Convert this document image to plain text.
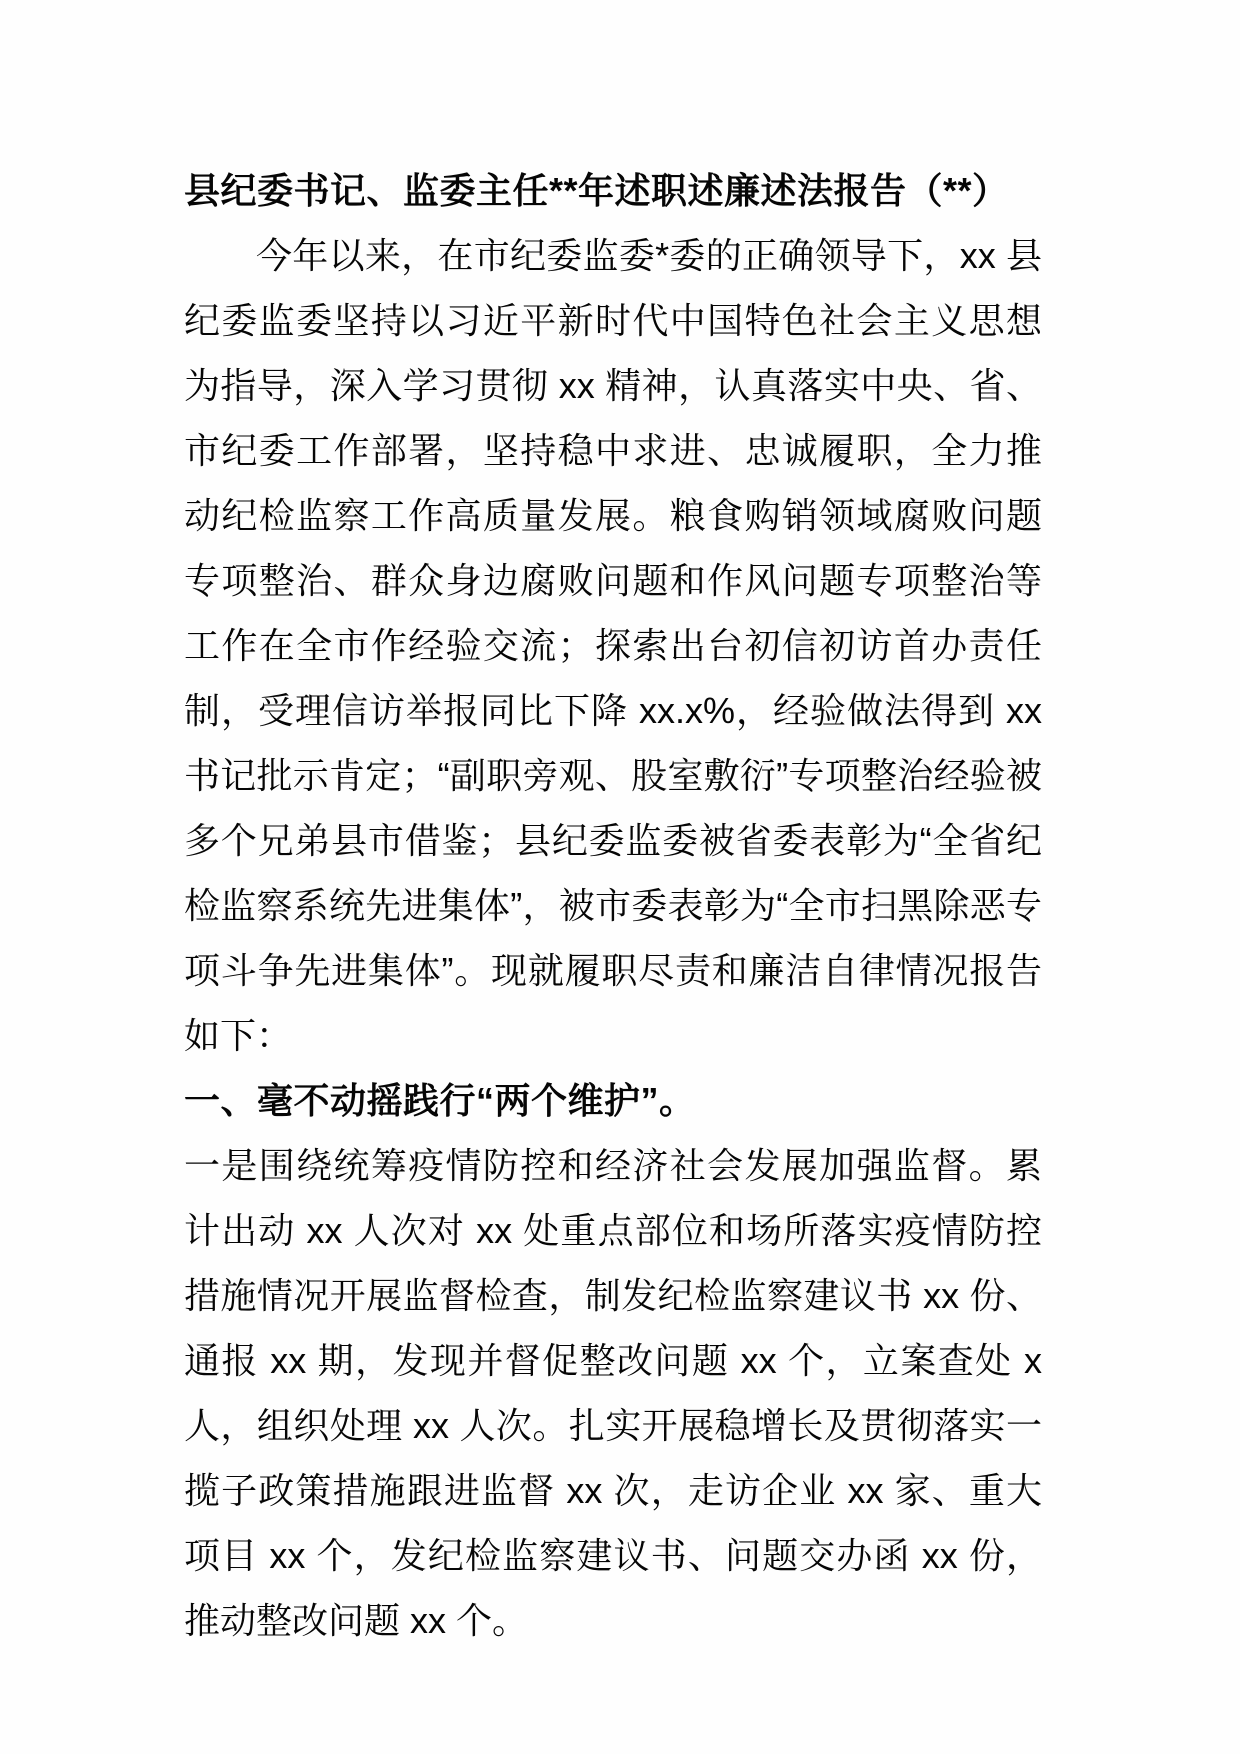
县纪委书记、监委主任**年述职述廉述法报告（**）

今年以来，在市纪委监委*委的正确领导下，xx 县纪委监委坚持以习近平新时代中国特色社会主义思想为指导，深入学习贯彻 xx 精神，认真落实中央、省、市纪委工作部署，坚持稳中求进、忠诚履职，全力推动纪检监察工作高质量发展。粮食购销领域腐败问题专项整治、群众身边腐败问题和作风问题专项整治等工作在全市作经验交流；探索出台初信初访首办责任制，受理信访举报同比下降 xx.x%，经验做法得到 xx 书记批示肯定；“副职旁观、股室敷衍”专项整治经验被多个兄弟县市借鉴；县纪委监委被省委表彰为“全省纪检监察系统先进集体”，被市委表彰为“全市扫黑除恶专项斗争先进集体”。现就履职尽责和廉洁自律情况报告如下：

一、毫不动摇践行“两个维护”。

一是围绕统筹疫情防控和经济社会发展加强监督。累计出动 xx 人次对 xx 处重点部位和场所落实疫情防控措施情况开展监督检查，制发纪检监察建议书 xx 份、通报 xx 期，发现并督促整改问题 xx 个，立案查处 x 人，组织处理 xx 人次。扎实开展稳增长及贯彻落实一揽子政策措施跟进监督 xx 次，走访企业 xx 家、重大项目 xx 个，发纪检监察建议书、问题交办函 xx 份，推动整改问题 xx 个。
